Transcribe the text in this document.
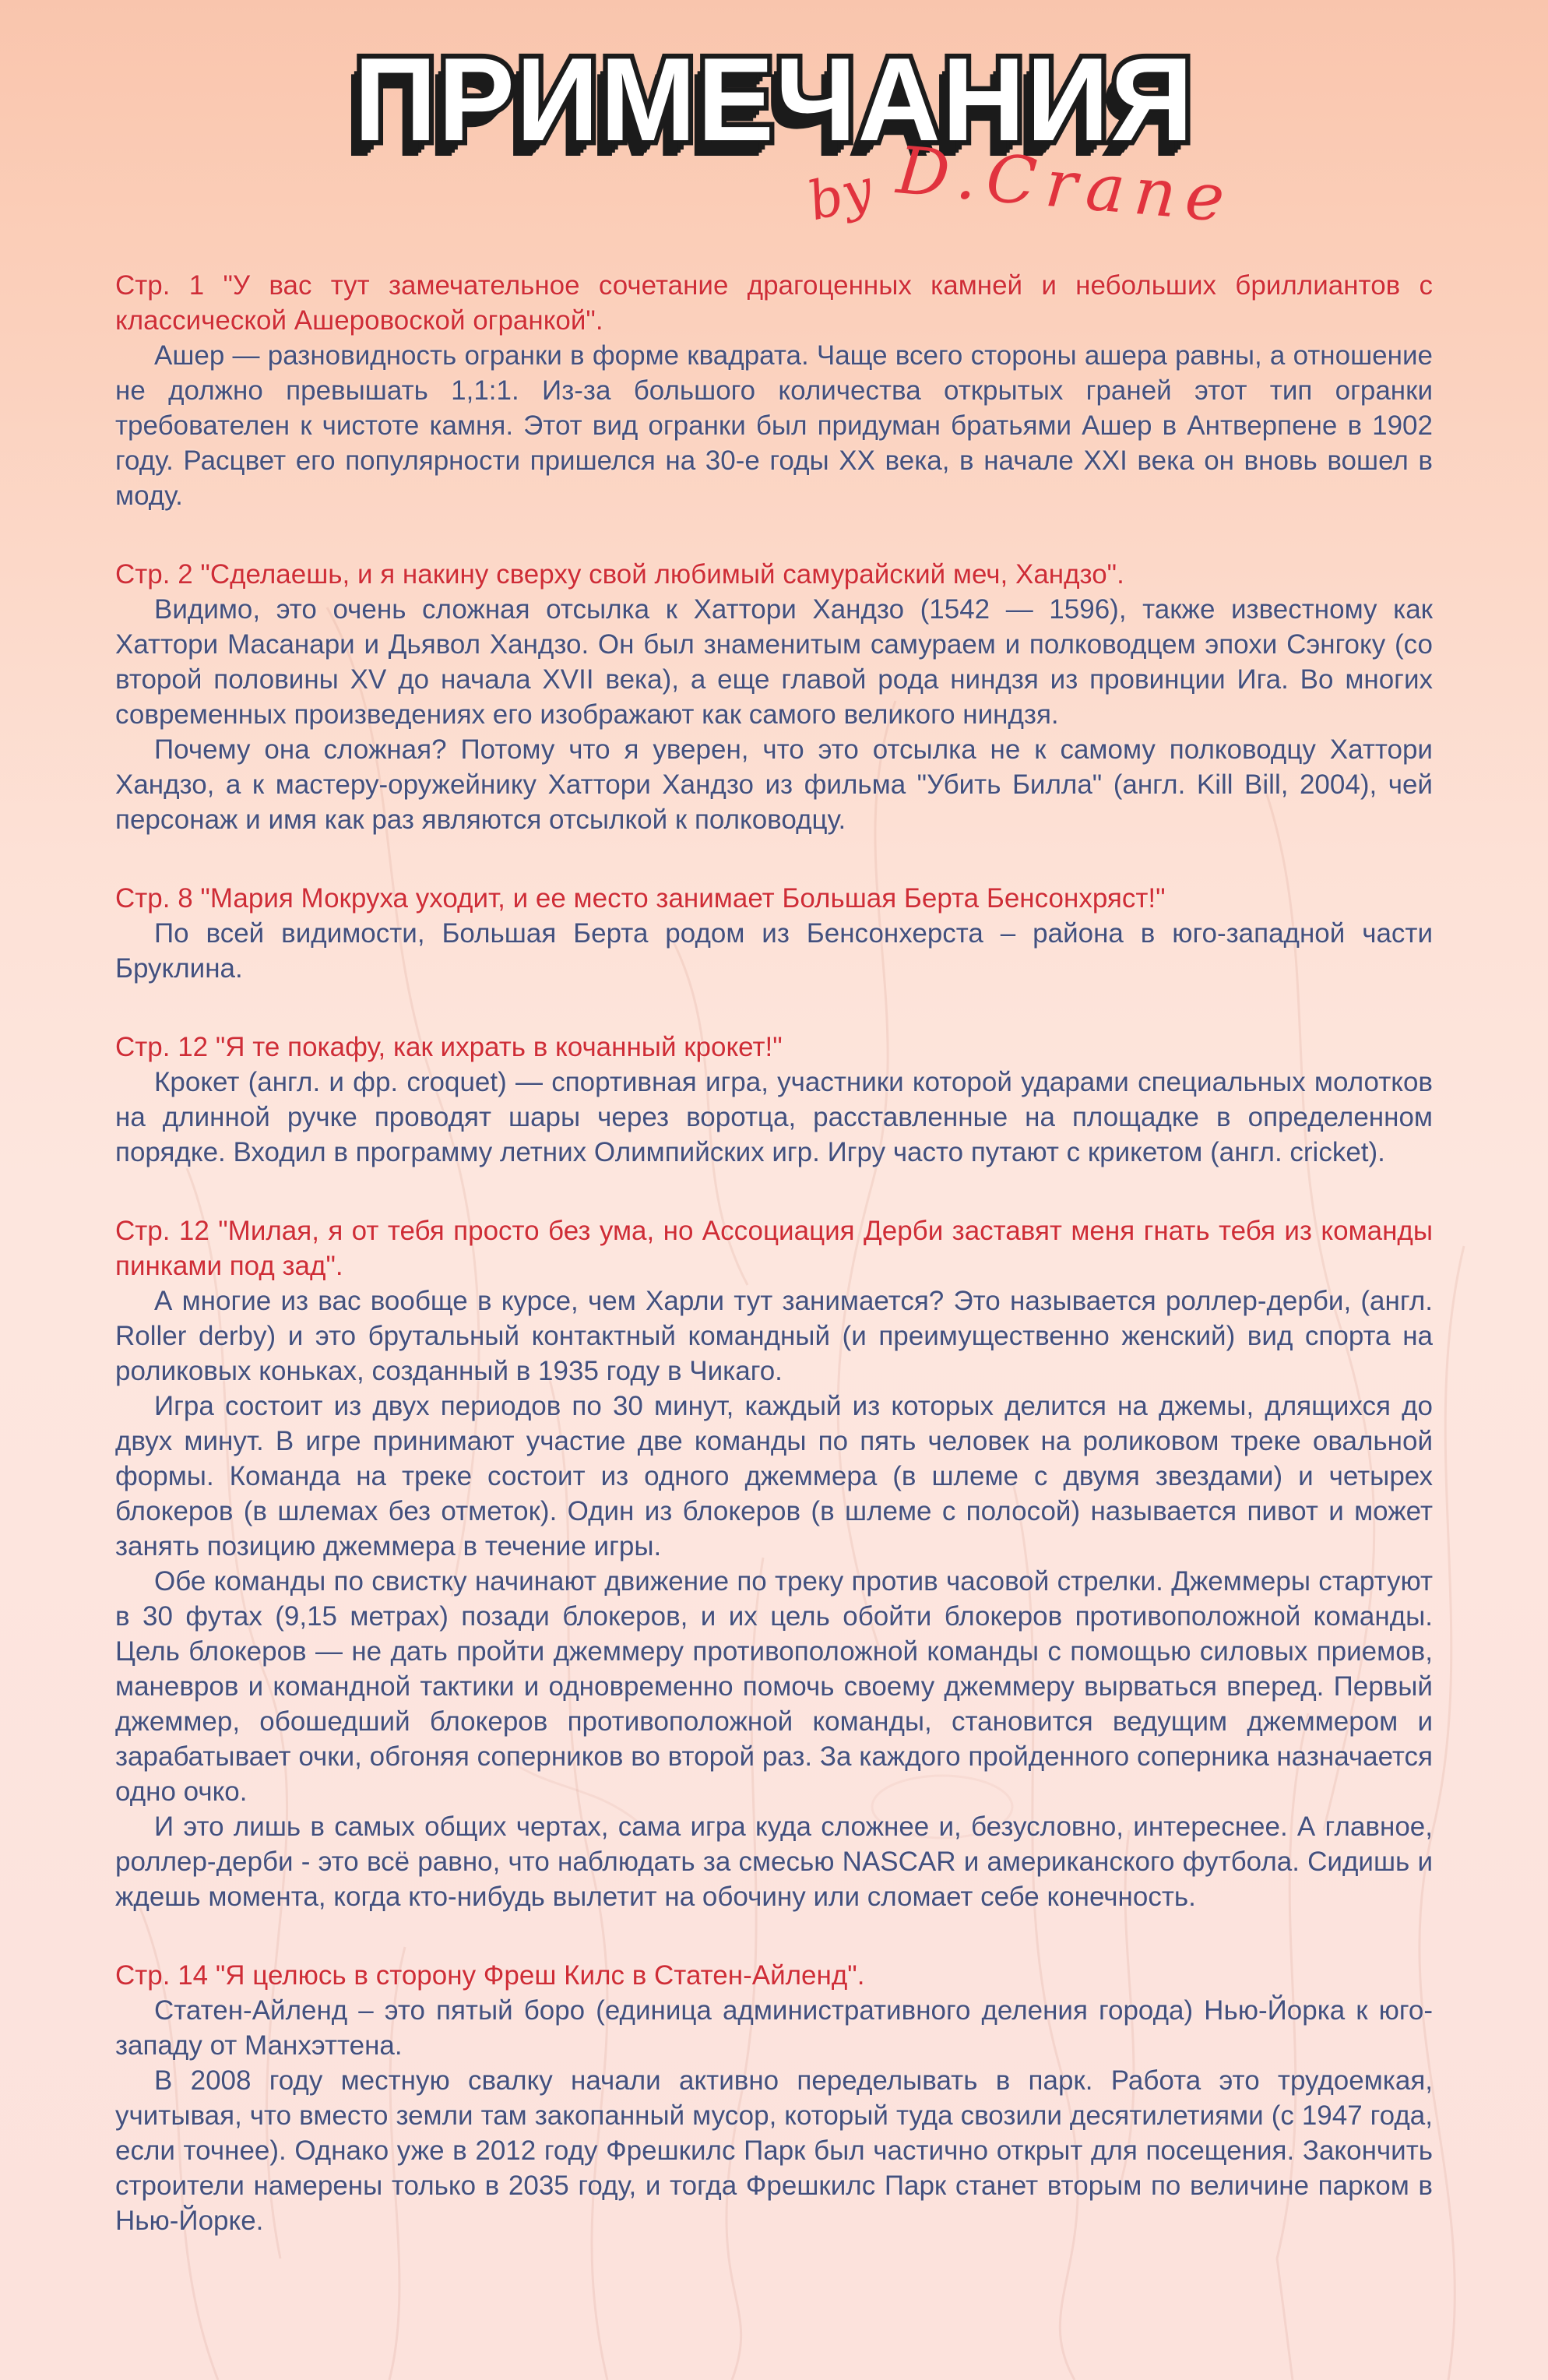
ПРИМЕЧАНИЯ
by D.Crane
Стр. 1 "У вас тут замечательное сочетание драгоценных камней и небольших бриллиантов с классической Ашеровоской огранкой".

Ашер — разновидность огранки в форме квадрата. Чаще всего стороны ашера равны, а отношение не должно превышать 1,1:1. Из-за большого количества открытых граней этот тип огранки требователен к чистоте камня. Этот вид огранки был придуман братьями Ашер в Антверпене в 1902 году. Расцвет его популярности пришелся на 30-е годы XX века, в начале XXI века он вновь вошел в моду.

Стр. 2 "Сделаешь, и я накину сверху свой любимый самурайский меч, Хандзо".

Видимо, это очень сложная отсылка к Хаттори Хандзо (1542 — 1596), также известному как Хаттори Масанари и Дьявол Хандзо. Он был знаменитым самураем и полководцем эпохи Сэнгоку (со второй половины XV до начала XVII века), а еще главой рода ниндзя из провинции Ига. Во многих современных произведениях его изображают как самого великого ниндзя.

Почему она сложная? Потому что я уверен, что это отсылка не к самому полководцу Хаттори Хандзо, а к мастеру-оружейнику Хаттори Хандзо из фильма "Убить Билла" (англ. Kill Bill, 2004), чей персонаж и имя как раз являются отсылкой к полководцу.

Стр. 8 "Мария Мокруха уходит, и ее место занимает Большая Берта Бенсонхряст!"

По всей видимости, Большая Берта родом из Бенсонхерста – района в юго-западной части Бруклина.

Стр. 12 "Я те покафу, как ихрать в кочанный крокет!"

Крокет (англ. и фр. croquet) — спортивная игра, участники которой ударами специальных молотков на длинной ручке проводят шары через воротца, расставленные на площадке в определенном порядке. Входил в программу летних Олимпийских игр. Игру часто путают с крикетом (англ. cricket).

Стр. 12 "Милая, я от тебя просто без ума, но Ассоциация Дерби заставят меня гнать тебя из команды пинками под зад".

А многие из вас вообще в курсе, чем Харли тут занимается? Это называется роллер-дерби, (англ. Roller derby) и это брутальный контактный командный (и преимущественно женский) вид спорта на роликовых коньках, созданный в 1935 году в Чикаго.

Игра состоит из двух периодов по 30 минут, каждый из которых делится на джемы, длящихся до двух минут. В игре принимают участие две команды по пять человек на роликовом треке овальной формы. Команда на треке состоит из одного джеммера (в шлеме с двумя звездами) и четырех блокеров (в шлемах без отметок). Один из блокеров (в шлеме с полосой) называется пивот и может занять позицию джеммера в течение игры.

Обе команды по свистку начинают движение по треку против часовой стрелки. Джеммеры стартуют в 30 футах (9,15 метрах) позади блокеров, и их цель обойти блокеров противоположной команды. Цель блокеров — не дать пройти джеммеру противоположной команды с помощью силовых приемов, маневров и командной тактики и одновременно помочь своему джеммеру вырваться вперед. Первый джеммер, обошедший блокеров противоположной команды, становится ведущим джеммером и зарабатывает очки, обгоняя соперников во второй раз. За каждого пройденного соперника назначается одно очко.

И это лишь в самых общих чертах, сама игра куда сложнее и, безусловно, интереснее. А главное, роллер-дерби - это всё равно, что наблюдать за смесью NASCAR и американского футбола. Сидишь и ждешь момента, когда кто-нибудь вылетит на обочину или сломает себе конечность.

Стр. 14 "Я целюсь в сторону Фреш Килс в Статен-Айленд".

Статен-Айленд – это пятый боро (единица административного деления города) Нью-Йорка к юго-западу от Манхэттена.

В 2008 году местную свалку начали активно переделывать в парк. Работа это трудоемкая, учитывая, что вместо земли там закопанный мусор, который туда свозили десятилетиями (с 1947 года, если точнее). Однако уже в 2012 году Фрешкилс Парк был частично открыт для посещения. Закончить строители намерены только в 2035 году, и тогда Фрешкилс Парк станет вторым по величине парком в Нью-Йорке.
